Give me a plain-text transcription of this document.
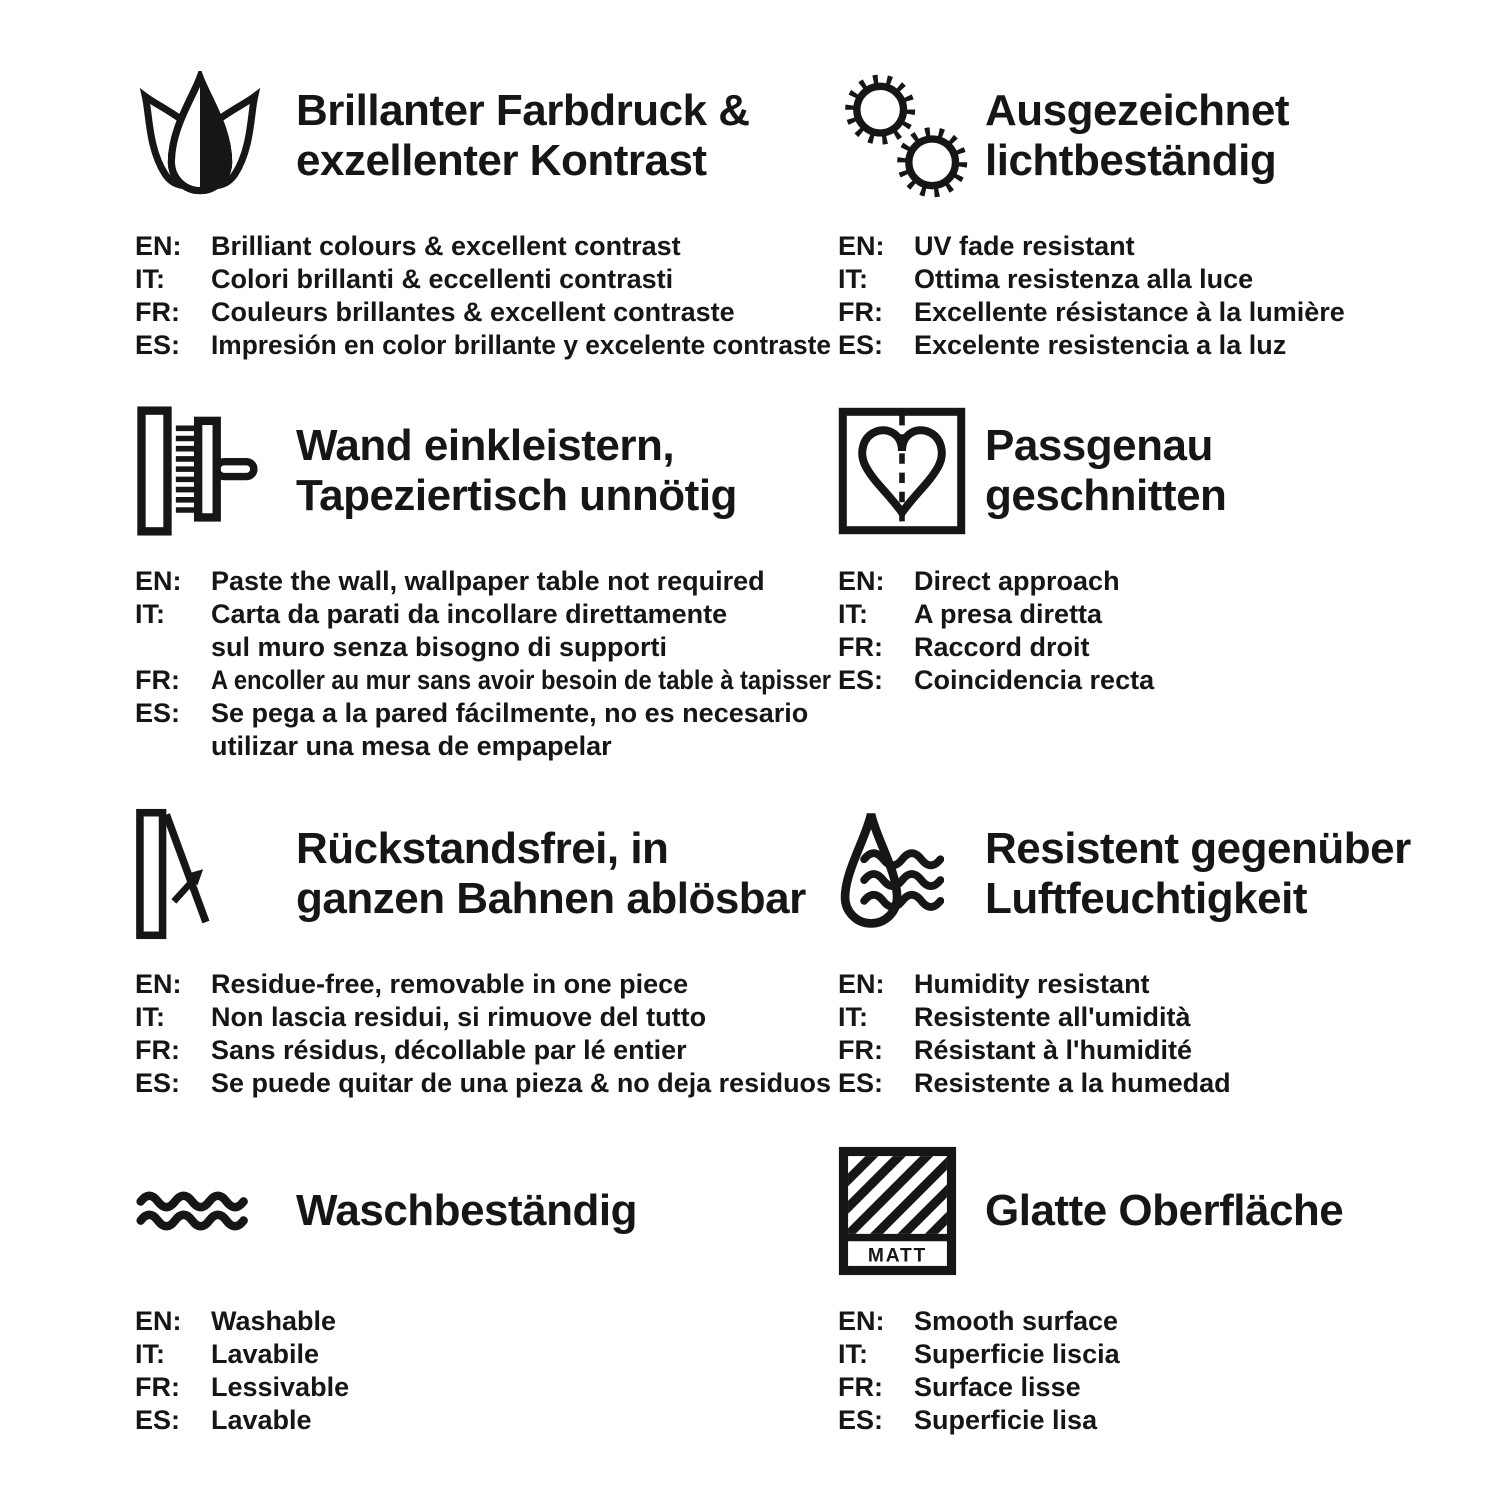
Brillanter Farbdruck &
exzellenter Kontrast
EN: Brilliant colours & excellent contrast
IT: Colori brillanti & eccellenti contrasti
FR: Couleurs brillantes & excellent contraste
ES: Impresión en color brillante y excelente contraste
Ausgezeichnet
lichtbeständig
EN: UV fade resistant
IT: Ottima resistenza alla luce
FR: Excellente résistance à la lumière
ES: Excelente resistencia a la luz
Wand einkleistern,
Tapeziertisch unnötig
EN: Paste the wall, wallpaper table not required
IT: Carta da parati da incollare direttamente
sul muro senza bisogno di supporti
FR: A encoller au mur sans avoir besoin de table à tapisser
ES: Se pega a la pared fácilmente, no es necesario
utilizar una mesa de empapelar
Passgenau
geschnitten
EN: Direct approach
IT: A presa diretta
FR: Raccord droit
ES: Coincidencia recta
Rückstandsfrei, in
ganzen Bahnen ablösbar
EN: Residue-free, removable in one piece
IT: Non lascia residui, si rimuove del tutto
FR: Sans résidus, décollable par lé entier
ES: Se puede quitar de una pieza & no deja residuos
Resistent gegenüber
Luftfeuchtigkeit
EN: Humidity resistant
IT: Resistente all'umidità
FR: Résistant à l'humidité
ES: Resistente a la humedad
Waschbeständig
EN: Washable
IT: Lavabile
FR: Lessivable
ES: Lavable
MATT
Glatte Oberfläche
EN: Smooth surface
IT: Superficie liscia
FR: Surface lisse
ES: Superficie lisa
